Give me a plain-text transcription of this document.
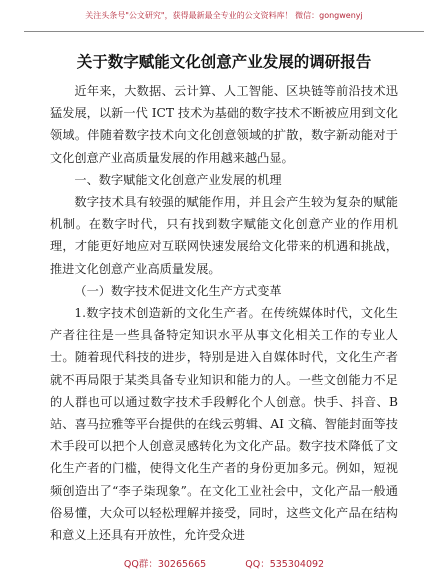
关注头条号"公文研究"，获得最新最全专业的公文资料库！ 微信：gongwenyj
关于数字赋能文化创意产业发展的调研报告

近年来，大数据、云计算、人工智能、区块链等前沿技术迅猛发展，以新一代 ICT 技术为基础的数字技术不断被应用到文化领域。伴随着数字技术向文化创意领域的扩散，数字新动能对于文化创意产业高质量发展的作用越来越凸显。

一、数字赋能文化创意产业发展的机理

数字技术具有较强的赋能作用，并且会产生较为复杂的赋能机制。在数字时代，只有找到数字赋能文化创意产业的作用机理，才能更好地应对互联网快速发展给文化带来的机遇和挑战，推进文化创意产业高质量发展。

（一）数字技术促进文化生产方式变革

1.数字技术创造新的文化生产者。在传统媒体时代，文化生产者往往是一些具备特定知识水平从事文化相关工作的专业人士。随着现代科技的进步，特别是进入自媒体时代，文化生产者就不再局限于某类具备专业知识和能力的人。一些文创能力不足的人群也可以通过数字技术手段孵化个人创意。快手、抖音、B 站、喜马拉雅等平台提供的在线云剪辑、AI 文稿、智能封面等技术手段可以把个人创意灵感转化为文化产品。数字技术降低了文化生产者的门槛，使得文化生产者的身份更加多元。例如，短视频创造出了“李子柒现象”。在文化工业社会中，文化产品一般通俗易懂，大众可以轻松理解并接受，同时，这些文化产品在结构和意义上还具有开放性，允许受众进

QQ群：30265665	QQ：535304092
